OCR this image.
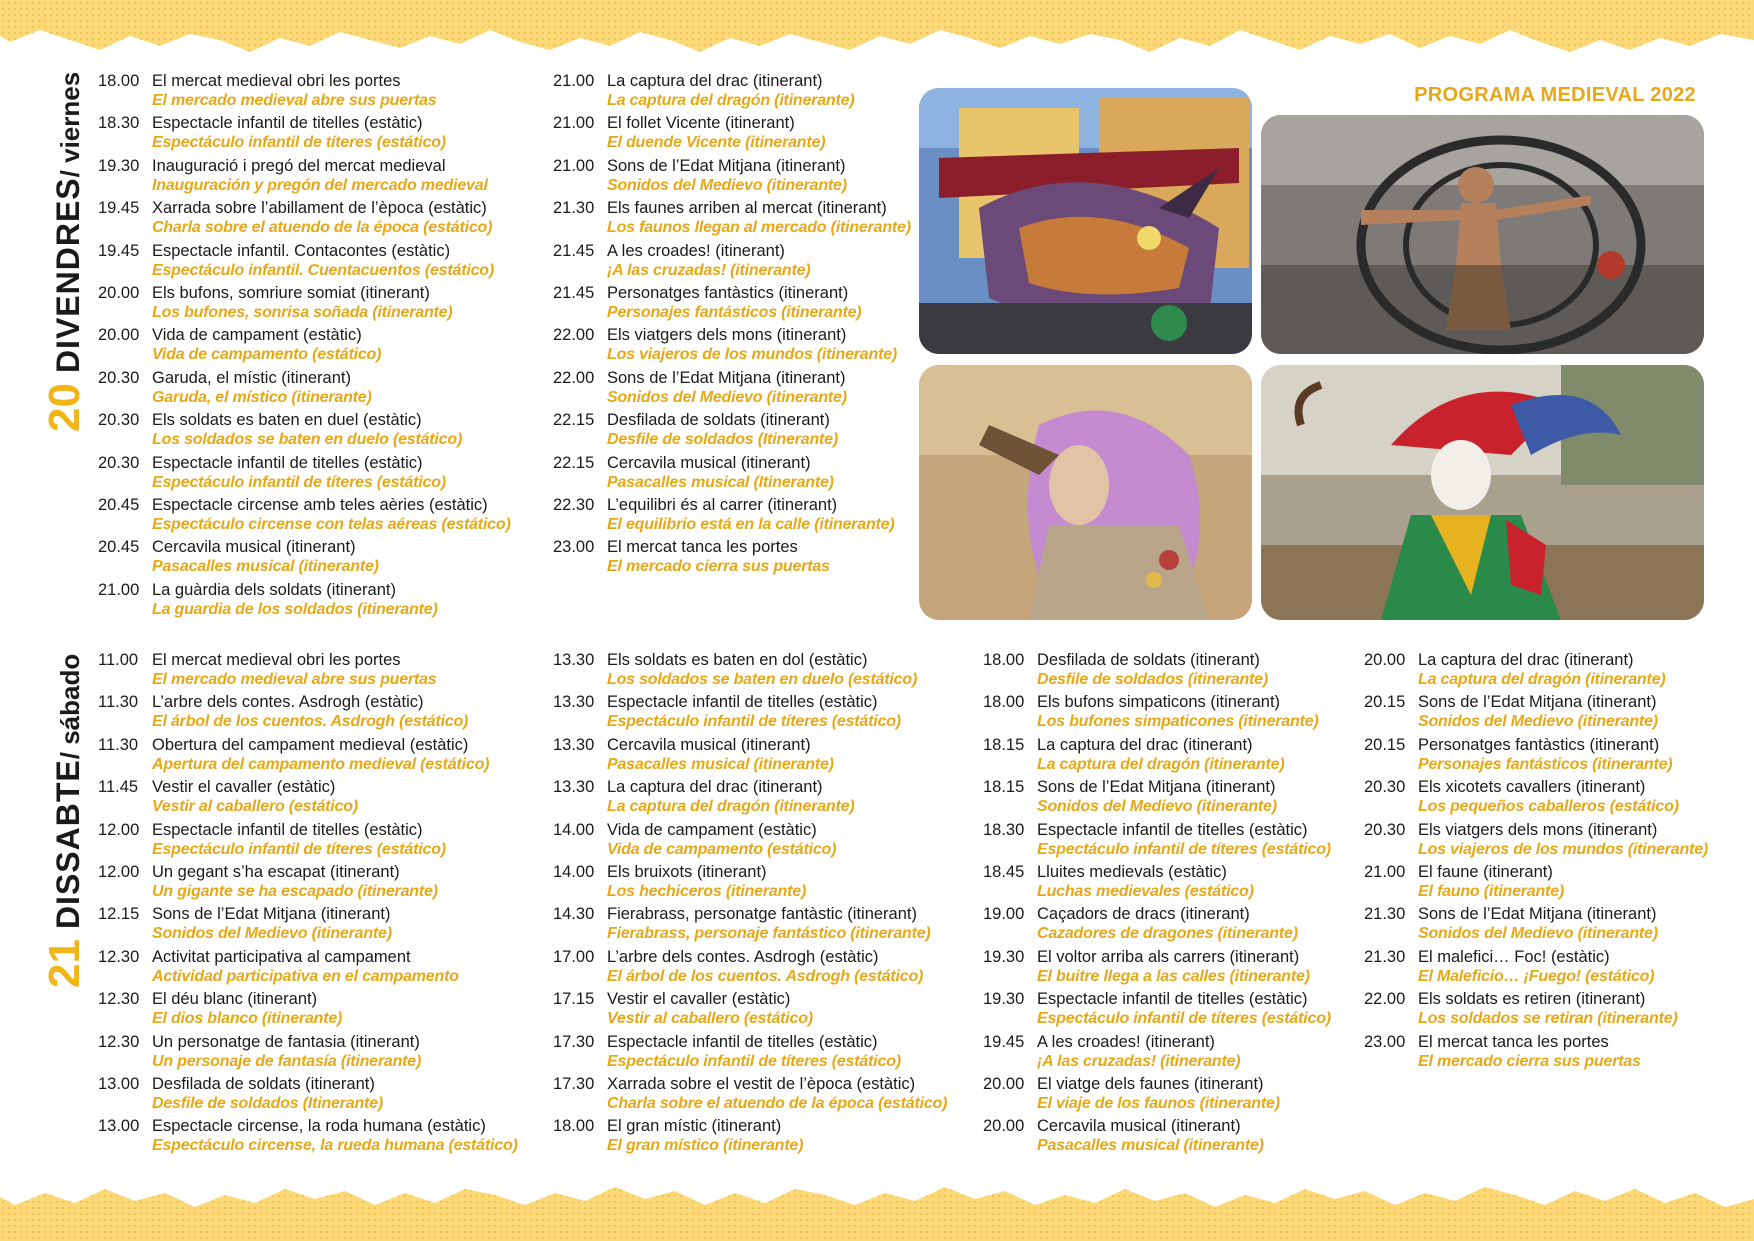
20
DIVENDRES
/ viernes
21
DISSABTE
/ sábado
18.00 El mercat medieval obri les portes
El mercado medieval abre sus puertas
18.30 Espectacle infantil de titelles (estàtic)
Espectáculo infantil de títeres (estático)
19.30 Inauguració i pregó del mercat medieval
Inauguración y pregón del mercado medieval
19.45 Xarrada sobre l’abillament de l’època (estàtic)
Charla sobre el atuendo de la época (estático)
19.45 Espectacle infantil. Contacontes (estàtic)
Espectáculo infantil. Cuentacuentos (estático)
20.00 Els bufons, somriure somiat (itinerant)
Los bufones, sonrisa soñada (itinerante)
20.00 Vida de campament (estàtic)
Vida de campamento (estático)
20.30 Garuda, el místic (itinerant)
Garuda, el místico (itinerante)
20.30 Els soldats es baten en duel (estàtic)
Los soldados se baten en duelo (estático)
20.30 Espectacle infantil de titelles (estàtic)
Espectáculo infantil de títeres (estático)
20.45 Espectacle circense amb teles aèries (estàtic)
Espectáculo circense con telas aéreas (estático)
20.45 Cercavila musical (itinerant)
Pasacalles musical (itinerante)
21.00 La guàrdia dels soldats (itinerant)
La guardia de los soldados (itinerante)
21.00 La captura del drac (itinerant)
La captura del dragón (itinerante)
21.00 El follet Vicente (itinerant)
El duende Vicente (itinerante)
21.00 Sons de l’Edat Mitjana (itinerant)
Sonidos del Medievo (itinerante)
21.30 Els faunes arriben al mercat (itinerant)
Los faunos llegan al mercado (itinerante)
21.45 A les croades! (itinerant)
¡A las cruzadas! (itinerante)
21.45 Personatges fantàstics (itinerant)
Personajes fantásticos (itinerante)
22.00 Els viatgers dels mons (itinerant)
Los viajeros de los mundos (itinerante)
22.00 Sons de l’Edat Mitjana (itinerant)
Sonidos del Medievo (itinerante)
22.15 Desfilada de soldats (itinerant)
Desfile de soldados (Itinerante)
22.15 Cercavila musical (itinerant)
Pasacalles musical (Itinerante)
22.30 L’equilibri és al carrer (itinerant)
El equilibrio está en la calle (itinerante)
23.00 El mercat tanca les portes
El mercado cierra sus puertas
11.00 El mercat medieval obri les portes
El mercado medieval abre sus puertas
11.30 L’arbre dels contes. Asdrogh (estàtic)
El árbol de los cuentos. Asdrogh (estático)
11.30 Obertura del campament medieval (estàtic)
Apertura del campamento medieval (estático)
11.45 Vestir el cavaller (estàtic)
Vestir al caballero (estático)
12.00 Espectacle infantil de titelles (estàtic)
Espectáculo infantil de títeres (estático)
12.00 Un gegant s’ha escapat (itinerant)
Un gigante se ha escapado (itinerante)
12.15 Sons de l’Edat Mitjana (itinerant)
Sonidos del Medievo (itinerante)
12.30 Activitat participativa al campament
Actividad participativa en el campamento
12.30 El déu blanc (itinerant)
El dios blanco (itinerante)
12.30 Un personatge de fantasia (itinerant)
Un personaje de fantasía (itinerante)
13.00 Desfilada de soldats (itinerant)
Desfile de soldados (Itinerante)
13.00 Espectacle circense, la roda humana (estàtic)
Espectáculo circense, la rueda humana (estático)
13.30 Els soldats es baten en dol (estàtic)
Los soldados se baten en duelo (estático)
13.30 Espectacle infantil de titelles (estàtic)
Espectáculo infantil de títeres (estático)
13.30 Cercavila musical (itinerant)
Pasacalles musical (itinerante)
13.30 La captura del drac (itinerant)
La captura del dragón (itinerante)
14.00 Vida de campament (estàtic)
Vida de campamento (estático)
14.00 Els bruixots (itinerant)
Los hechiceros (itinerante)
14.30 Fierabrass, personatge fantàstic (itinerant)
Fierabrass, personaje fantástico (itinerante)
17.00 L’arbre dels contes. Asdrogh (estàtic)
El árbol de los cuentos. Asdrogh (estático)
17.15 Vestir el cavaller (estàtic)
Vestir al caballero (estático)
17.30 Espectacle infantil de titelles (estàtic)
Espectáculo infantil de títeres (estático)
17.30 Xarrada sobre el vestit de l’època (estàtic)
Charla sobre el atuendo de la época (estático)
18.00 El gran místic (itinerant)
El gran místico (itinerante)
18.00 Desfilada de soldats (itinerant)
Desfile de soldados (itinerante)
18.00 Els bufons simpaticons (itinerant)
Los bufones simpaticones (itinerante)
18.15 La captura del drac (itinerant)
La captura del dragón (itinerante)
18.15 Sons de l’Edat Mitjana (itinerant)
Sonidos del Medievo (itinerante)
18.30 Espectacle infantil de titelles (estàtic)
Espectáculo infantil de títeres (estático)
18.45 Lluites medievals (estàtic)
Luchas medievales (estático)
19.00 Caçadors de dracs (itinerant)
Cazadores de dragones (itinerante)
19.30 El voltor arriba als carrers (itinerant)
El buitre llega a las calles (itinerante)
19.30 Espectacle infantil de titelles (estàtic)
Espectáculo infantil de títeres (estático)
19.45 A les croades! (itinerant)
¡A las cruzadas! (itinerante)
20.00 El viatge dels faunes (itinerant)
El viaje de los faunos (itinerante)
20.00 Cercavila musical (itinerant)
Pasacalles musical (itinerante)
20.00 La captura del drac (itinerant)
La captura del dragón (itinerante)
20.15 Sons de l’Edat Mitjana (itinerant)
Sonidos del Medievo (itinerante)
20.15 Personatges fantàstics (itinerant)
Personajes fantásticos (itinerante)
20.30 Els xicotets cavallers (itinerant)
Los pequeños caballeros (estático)
20.30 Els viatgers dels mons (itinerant)
Los viajeros de los mundos (itinerante)
21.00 El faune (itinerant)
El fauno (itinerante)
21.30 Sons de l’Edat Mitjana (itinerant)
Sonidos del Medievo (itinerante)
21.30 El malefici… Foc! (estàtic)
El Maleficio… ¡Fuego! (estático)
22.00 Els soldats es retiren (itinerant)
Los soldados se retiran (itinerante)
23.00 El mercat tanca les portes
El mercado cierra sus puertas
PROGRAMA MEDIEVAL 2022
